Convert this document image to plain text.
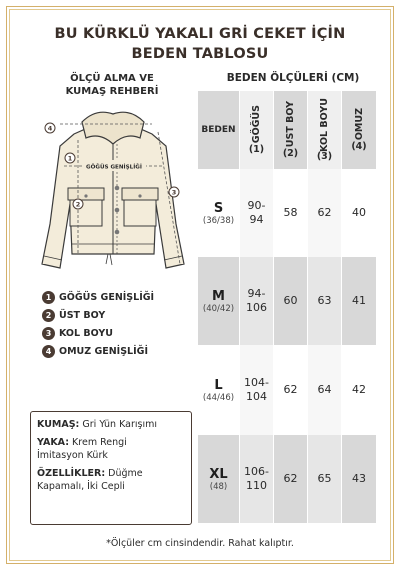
BU KÜRKLÜ YAKALI GRİ CEKET İÇİN
BEDEN TABLOSU
ÖLÇÜ ALMA VE
KUMAŞ REHBERİ
GÖĞÜS GENİŞLİĞİ
4
1
2
3
1 GÖĞÜS GENİŞLİĞİ
2 ÜST BOY
3 KOL BOYU
4 OMUZ GENİŞLİĞİ

KUMAŞ: Gri Yün Karışımı

YAKA: Krem Rengi
İmitasyon Kürk

ÖZELLİKLER: Düğme
Kapamalı, İki Cepli

BEDEN ÖLÇÜLERİ (CM)
BEDEN GÖĞÜS
(1)
ÜST BOY
(2)
KOL BOYU
(3)
OMUZ
(4)
S
(36/38)
90-
94
58 62 40
M
(40/42)
94-
106
60 63 41
L
(44/46)
104-
104
62 64 42
XL
(48)
106-
110
62 65 43
*Ölçüler cm cinsindendir. Rahat kalıptır.
